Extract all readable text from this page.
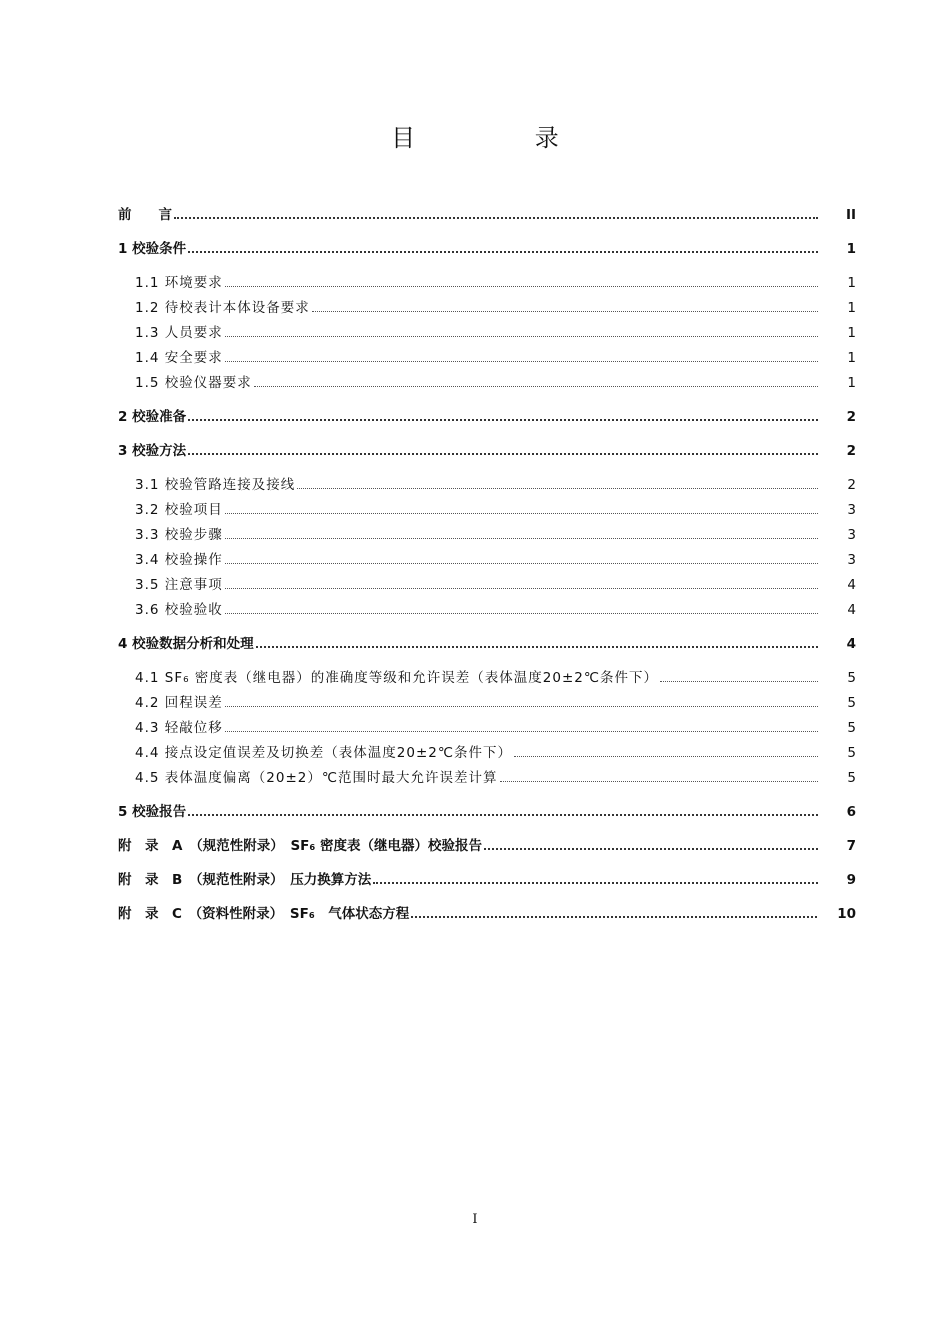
目 录
前　　言	II
1 校验条件	1
1.1 环境要求	1
1.2 待校表计本体设备要求	1
1.3 人员要求	1
1.4 安全要求	1
1.5 校验仪器要求	1
2 校验准备	2
3 校验方法	2
3.1 校验管路连接及接线	2
3.2 校验项目	3
3.3 校验步骤	3
3.4 校验操作	3
3.5 注意事项	4
3.6 校验验收	4
4 校验数据分析和处理	4
4.1 SF₆ 密度表（继电器）的准确度等级和允许误差（表体温度20±2℃条件下）	5
4.2 回程误差	5
4.3 轻敲位移	5
4.4 接点设定值误差及切换差（表体温度20±2℃条件下）	5
4.5 表体温度偏离（20±2）℃范围时最大允许误差计算	5
5 校验报告	6
附　录　A　（规范性附录）　SF₆ 密度表（继电器）校验报告	7
附　录　B　（规范性附录）　压力换算方法	9
附　录　C　（资料性附录）　SF₆　气体状态方程	10
I
